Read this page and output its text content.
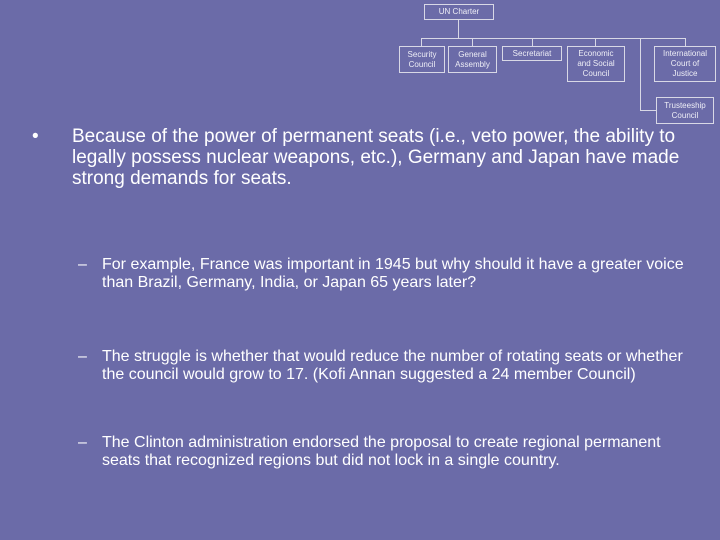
UN Charter
Security
Council
General
Assembly
Secretariat	Economic
and Social
Council
International
Court of
Justice
Trusteeship
Council
•	Because of the power of permanent seats (i.e., veto power, the ability to legally possess nuclear weapons, etc.), Germany and Japan have made strong demands for seats.
– For example, France was important in 1945 but why should it have a greater voice than Brazil, Germany, India, or Japan 65 years later?
– The struggle is whether that would reduce the number of rotating seats or whether the council would grow to 17. (Kofi Annan suggested a 24 member Council)
– The Clinton administration endorsed the proposal to create regional permanent seats that recognized regions but did not lock in a single country.
